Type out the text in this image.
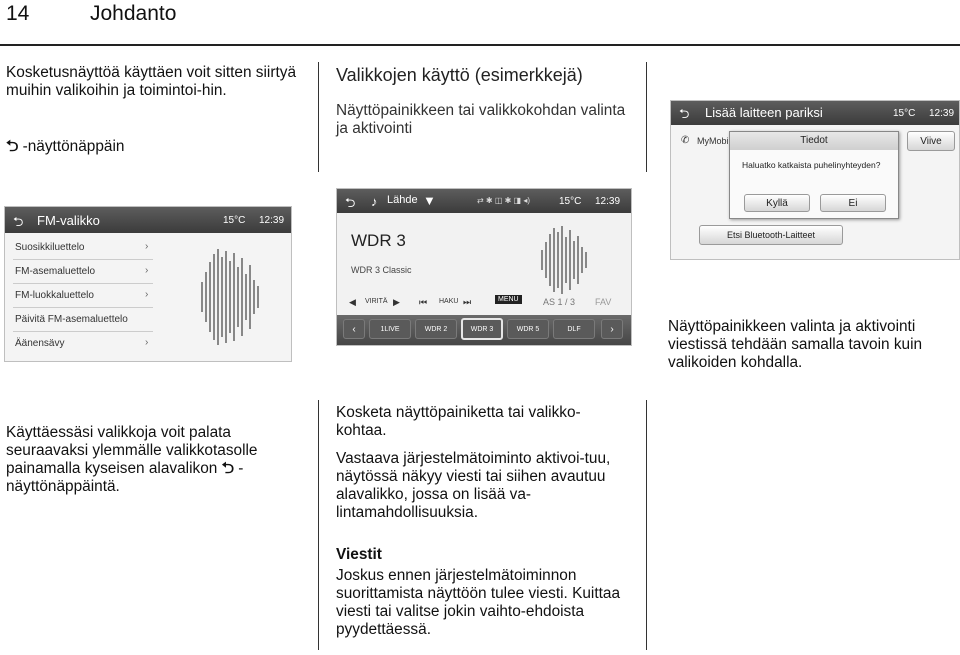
14	Johdanto
Kosketusnäyttöä käyttäen voit sitten siirtyä muihin valikoihin ja toimintoi-hin.
⮌ -näyttönäppäin
Valikkojen käyttö (esimerkkejä)
Näyttöpainikkeen tai valikkokohdan valinta ja aktivointi
⮌ FM-valikko	15°C 12:39
Suosikkiluettelo	›
FM-asemaluettelo	›
FM-luokkaluettelo	›
Päivitä FM-asemaluettelo
Äänensävy	›
⮌ ♪ Lähde ▼	⇄ ✱ ◫ ✱ ◨ ◂)	15°C 12:39
WDR 3
WDR 3 Classic
◀ VIRITÄ ▶ ⏮ HAKU ⏭	MENU	AS 1 / 3 FAV
‹	1LIVE	WDR 2	WDR 3	WDR 5	DLF	›
⮌ Lisää laitteen pariksi	15°C 12:39
✆ MyMobi	Viive
Tiedot
Haluatko katkaista puhelinyhteyden?
Kyllä	Ei
Etsi Bluetooth-Laitteet
Näyttöpainikkeen valinta ja aktivointi viestissä tehdään samalla tavoin kuin valikoiden kohdalla.
Käyttäessäsi valikkoja voit palata seuraavaksi ylemmälle valikkotasolle painamalla kyseisen alavalikon ⮌ -näyttönäppäintä.
Kosketa näyttöpainiketta tai valikko-kohtaa.
Vastaava järjestelmätoiminto aktivoi-tuu, näytössä näkyy viesti tai siihen avautuu alavalikko, jossa on lisää va-lintamahdollisuuksia.
Viestit
Joskus ennen järjestelmätoiminnon suorittamista näyttöön tulee viesti. Kuittaa viesti tai valitse jokin vaihto-ehdoista pyydettäessä.
